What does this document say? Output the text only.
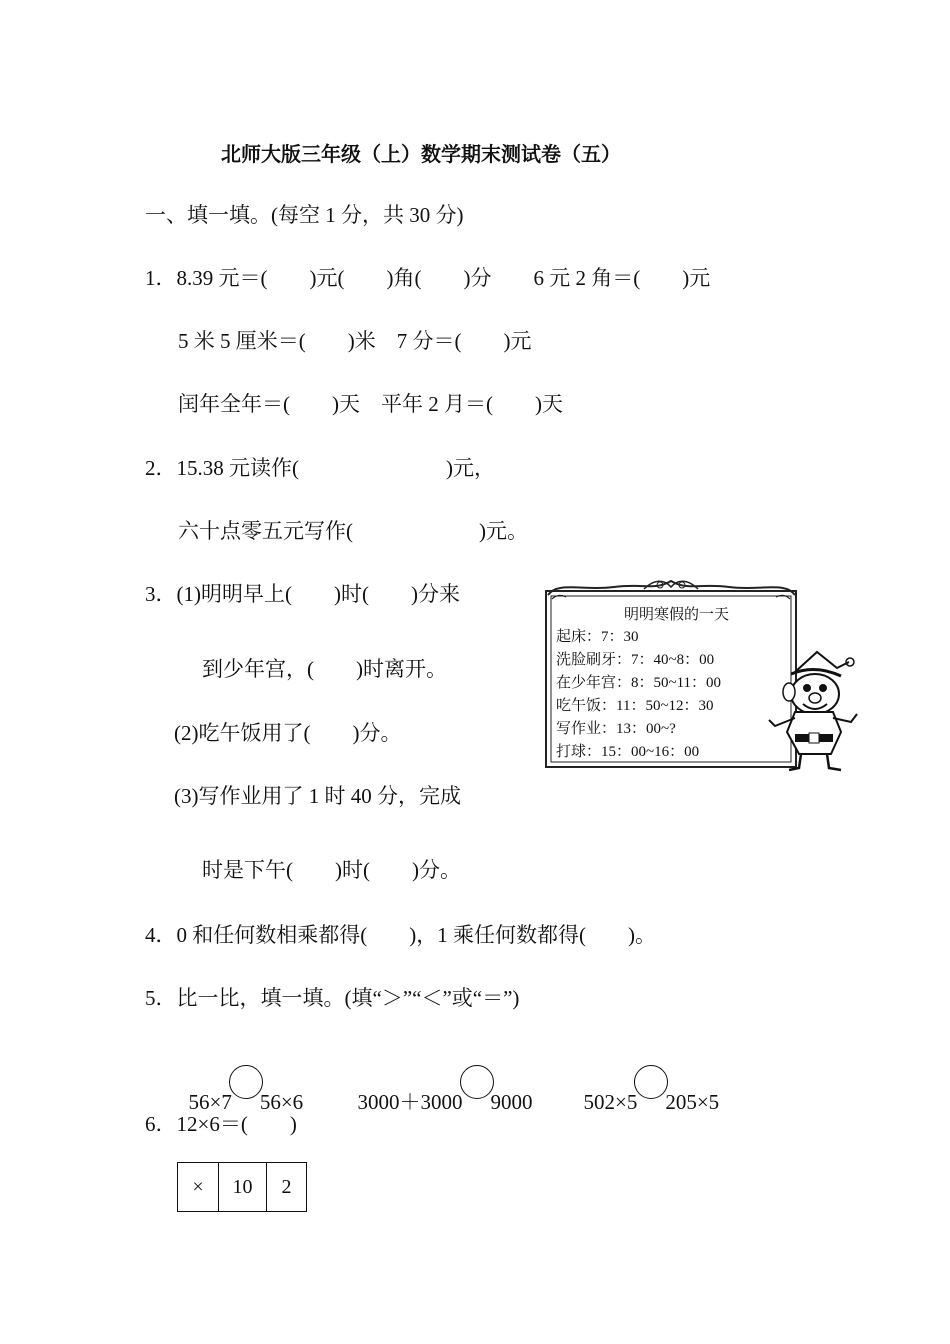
北师大版三年级（上）数学期末测试卷（五）
一、填一填。(每空 1 分，共 30 分)
1．8.39 元＝(　　)元(　　)角(　　)分　　6 元 2 角＝(　　)元
5 米 5 厘米＝(　　)米　7 分＝(　　)元
闰年全年＝(　　)天　平年 2 月＝(　　)天
2．15.38 元读作(　　　　　　　)元，
六十点零五元写作(　　　　　　)元。
3．(1)明明早上(　　)时(　　)分来
到少年宫，(　　)时离开。
(2)吃午饭用了(　　)分。
(3)写作业用了 1 时 40 分，完成
时是下午(　　)时(　　)分。
明明寒假的一天
起床：7：30
洗脸刷牙：7：40~8：00
在少年宫：8：50~11：00
吃午饭：11：50~12：30
写作业：13：00~?
打球：15：00~16：00
4．0 和任何数相乘都得(　　)，1 乘任何数都得(　　)。
5．比一比，填一填。(填“＞”“＜”或“＝”)

56×7 56×6

	3000＋3000 9000

502×5 205×5

6．12×6＝(　　)
×	10	2
